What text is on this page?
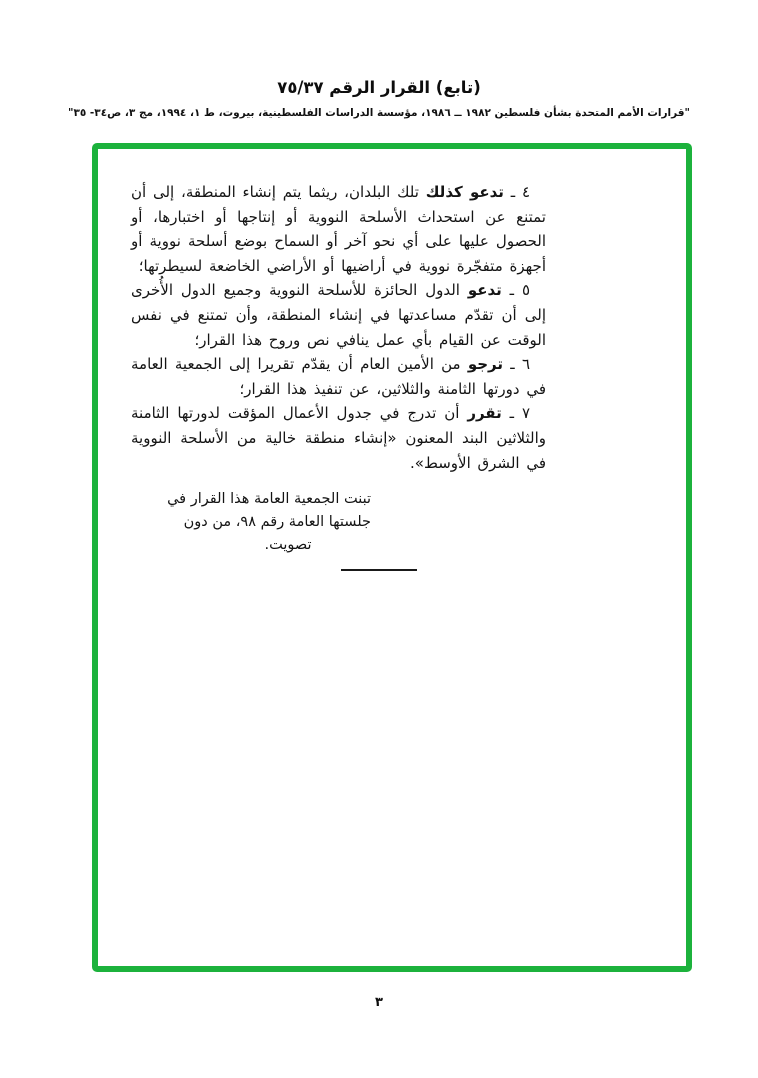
(تابع) القرار الرقم ٧٥/٣٧
"قرارات الأمم المتحدة بشأن فلسطين ١٩٨٢ ــ ١٩٨٦، مؤسسة الدراسات الفلسطينية، بيروت، ط ١، ١٩٩٤، مج ٣، ص٣٤- ٣٥"

٤ ـ تدعو كذلك تلك البلدان، ريثما يتم إنشاء المنطقة، إلى أن تمتنع عن استحداث الأسلحة النووية أو إنتاجها أو اختبارها، أو الحصول عليها على أي نحو آخر أو السماح بوضع أسلحة نووية أو أجهزة متفجّرة نووية في أراضيها أو الأراضي الخاضعة لسيطرتها؛

٥ ـ تدعو الدول الحائزة للأسلحة النووية وجميع الدول الأُخرى إلى أن تقدّم مساعدتها في إنشاء المنطقة، وأن تمتنع في نفس الوقت عن القيام بأي عمل ينافي نص وروح هذا القرار؛

٦ ـ ترجو من الأمين العام أن يقدّم تقريرا إلى الجمعية العامة في دورتها الثامنة والثلاثين، عن تنفيذ هذا القرار؛

٧ ـ تقرر أن تدرج في جدول الأعمال المؤقت لدورتها الثامنة والثلاثين البند المعنون «إنشاء منطقة خالية من الأسلحة النووية في الشرق الأوسط».

تبنت الجمعية العامة هذا القرار في
جلستها العامة رقم ٩٨، من دون
تصويت.
٣
